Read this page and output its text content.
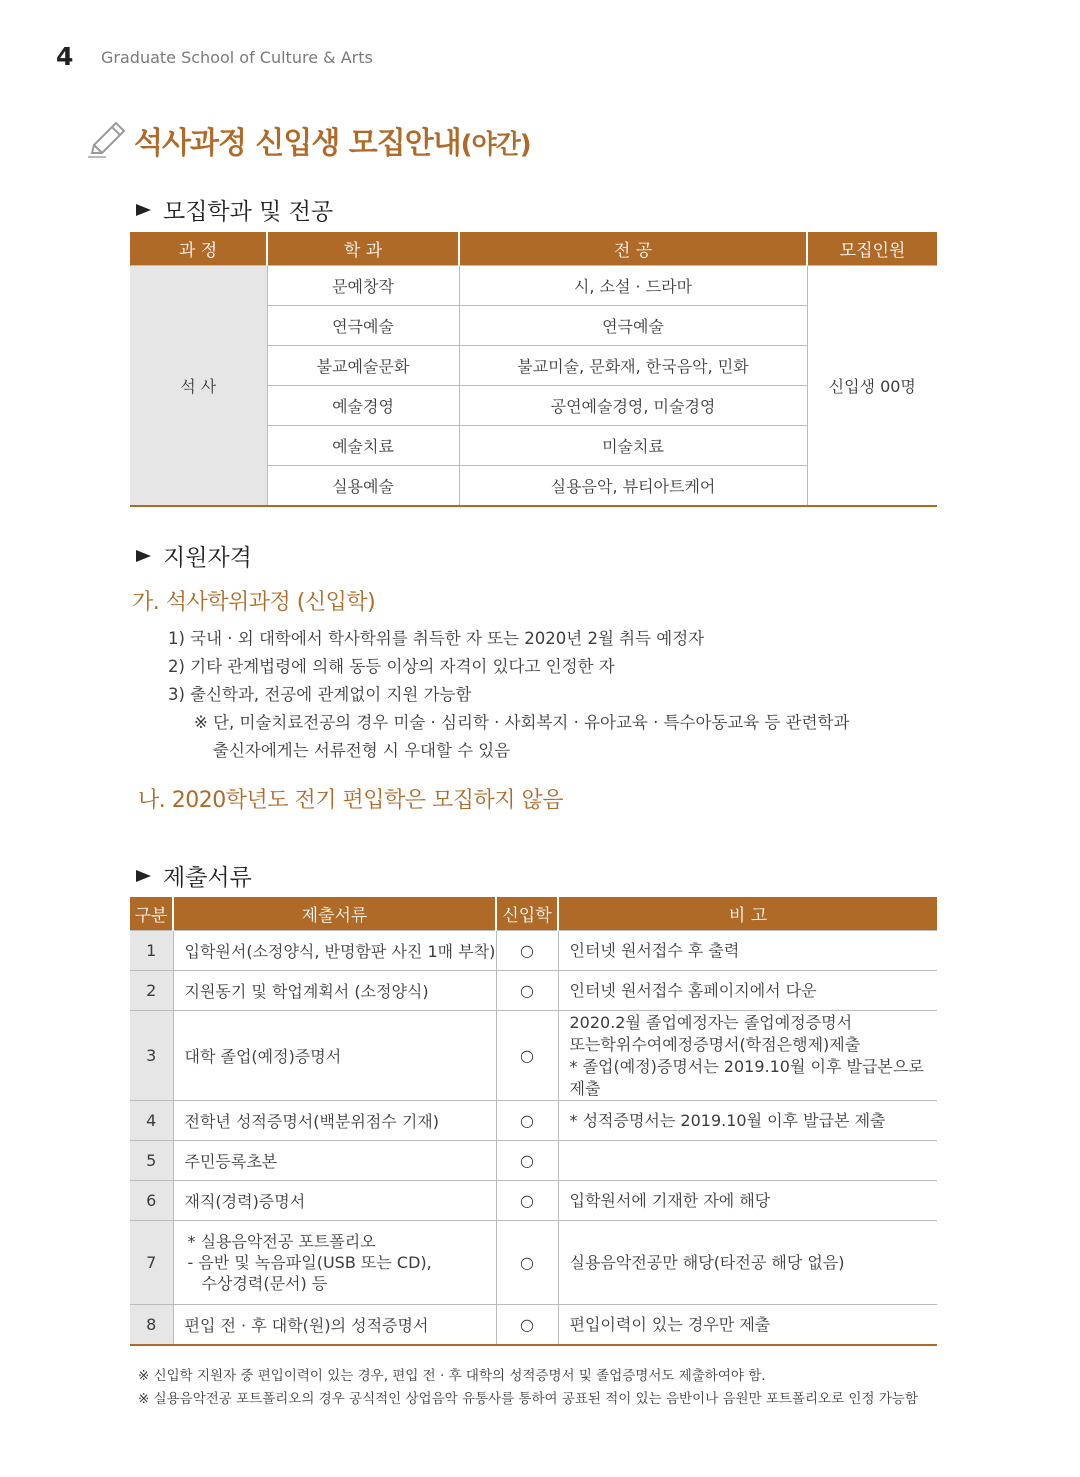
4 Graduate School of Culture & Arts
석사과정 신입생 모집안내(야간)
모집학과 및 전공
과 정	학 과	전 공	모집인원
석 사	문예창작	시, 소설 · 드라마	신입생 00명
	연극예술	연극예술	
	불교예술문화	불교미술, 문화재, 한국음악, 민화	
	예술경영	공연예술경영, 미술경영	
	예술치료	미술치료	
	실용예술	실용음악, 뷰티아트케어	
지원자격
가. 석사학위과정 (신입학)
1) 국내 · 외 대학에서 학사학위를 취득한 자 또는 2020년 2월 취득 예정자
2) 기타 관계법령에 의해 동등 이상의 자격이 있다고 인정한 자
3) 출신학과, 전공에 관계없이 지원 가능함
※ 단, 미술치료전공의 경우 미술 · 심리학 · 사회복지 · 유아교육 · 특수아동교육 등 관련학과
출신자에게는 서류전형 시 우대할 수 있음
나. 2020학년도 전기 편입학은 모집하지 않음
제출서류
구분	제출서류	신입학	비 고
1	입학원서(소정양식, 반명함판 사진 1매 부착)	○	인터넷 원서접수 후 출력
2	지원동기 및 학업계획서 (소정양식)	○	인터넷 원서접수 홈페이지에서 다운
3	대학 졸업(예정)증명서	○	2020.2월 졸업예정자는 졸업예정증명서
또는학위수여예정증명서(학점은행제)제출
* 졸업(예정)증명서는 2019.10월 이후 발급본으로 제출

4	전학년 성적증명서(백분위점수 기재)	○	* 성적증명서는 2019.10월 이후 발급본 제출
5	주민등록초본	○	
6	재직(경력)증명서	○	입학원서에 기재한 자에 해당
7	* 실용음악전공 포트폴리오
- 음반 및 녹음파일(USB 또는 CD),
수상경력(문서) 등	○	실용음악전공만 해당(타전공 해당 없음)
8	편입 전 · 후 대학(원)의 성적증명서	○	편입이력이 있는 경우만 제출
※ 신입학 지원자 중 편입이력이 있는 경우, 편입 전 · 후 대학의 성적증명서 및 졸업증명서도 제출하여야 함.
※ 실용음악전공 포트폴리오의 경우 공식적인 상업음악 유통사를 통하여 공표된 적이 있는 음반이나 음원만 포트폴리오로 인정 가능함
